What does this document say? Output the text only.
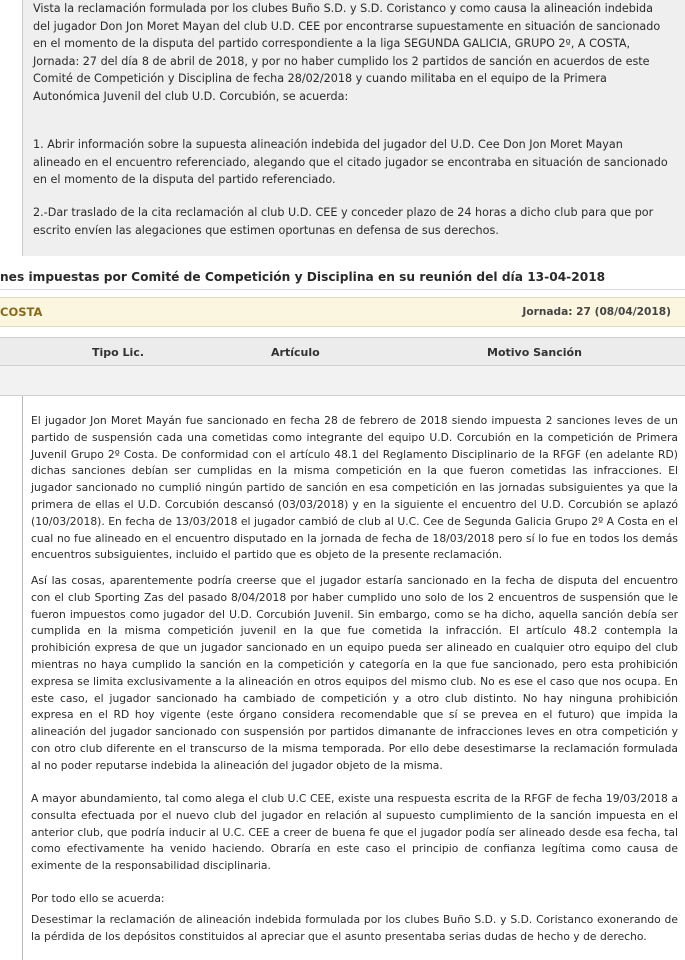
Vista la reclamación formulada por los clubes Buño S.D. y S.D. Coristanco y como causa la alineación indebida del jugador Don Jon Moret Mayan del club U.D. CEE por encontrarse supuestamente en situación de sancionado en el momento de la disputa del partido correspondiente a la liga SEGUNDA GALICIA, GRUPO 2º, A COSTA, Jornada: 27 del día 8 de abril de 2018, y por no haber cumplido los 2 partidos de sanción en acuerdos de este Comité de Competición y Disciplina de fecha 28/02/2018 y cuando militaba en el equipo de la Primera Autonómica Juvenil del club U.D. Corcubión, se acuerda:

1. Abrir información sobre la supuesta alineación indebida del jugador del U.D. Cee Don Jon Moret Mayan alineado en el encuentro referenciado, alegando que el citado jugador se encontraba en situación de sancionado en el momento de la disputa del partido referenciado.

2.-Dar traslado de la cita reclamación al club U.D. CEE y conceder plazo de 24 horas a dicho club para que por escrito envíen las alegaciones que estimen oportunas en defensa de sus derechos.

nes impuestas por Comité de Competición y Disciplina en su reunión del día 13-04-2018
COSTA	Jornada: 27 (08/04/2018)
Tipo Lic.	Artículo	Motivo Sanción

El jugador Jon Moret Mayán fue sancionado en fecha 28 de febrero de 2018 siendo impuesta 2 sanciones leves de un partido de suspensión cada una cometidas como integrante del equipo U.D. Corcubión en la competición de Primera Juvenil Grupo 2º Costa. De conformidad con el artículo 48.1 del Reglamento Disciplinario de la RFGF (en adelante RD) dichas sanciones debían ser cumplidas en la misma competición en la que fueron cometidas las infracciones. El jugador sancionado no cumplió ningún partido de sanción en esa competición en las jornadas subsiguientes ya que la primera de ellas el U.D. Corcubión descansó (03/03/2018) y en la siguiente el encuentro del U.D. Corcubión se aplazó (10/03/2018). En fecha de 13/03/2018 el jugador cambió de club al U.C. Cee de Segunda Galicia Grupo 2º A Costa en el cual no fue alineado en el encuentro disputado en la jornada de fecha de 18/03/2018 pero sí lo fue en todos los demás encuentros subsiguientes, incluido el partido que es objeto de la presente reclamación.

Así las cosas, aparentemente podría creerse que el jugador estaría sancionado en la fecha de disputa del encuentro con el club Sporting Zas del pasado 8/04/2018 por haber cumplido uno solo de los 2 encuentros de suspensión que le fueron impuestos como jugador del U.D. Corcubión Juvenil. Sin embargo, como se ha dicho, aquella sanción debía ser cumplida en la misma competición juvenil en la que fue cometida la infracción. El artículo 48.2 contempla la prohibición expresa de que un jugador sancionado en un equipo pueda ser alineado en cualquier otro equipo del club mientras no haya cumplido la sanción en la competición y categoría en la que fue sancionado, pero esta prohibición expresa se limita exclusivamente a la alineación en otros equipos del mismo club. No es ese el caso que nos ocupa. En este caso, el jugador sancionado ha cambiado de competición y a otro club distinto. No hay ninguna prohibición expresa en el RD hoy vigente (este órgano considera recomendable que sí se prevea en el futuro) que impida la alineación del jugador sancionado con suspensión por partidos dimanante de infracciones leves en otra competición y con otro club diferente en el transcurso de la misma temporada. Por ello debe desestimarse la reclamación formulada al no poder reputarse indebida la alineación del jugador objeto de la misma.

A mayor abundamiento, tal como alega el club U.C CEE, existe una respuesta escrita de la RFGF de fecha 19/03/2018 a consulta efectuada por el nuevo club del jugador en relación al supuesto cumplimiento de la sanción impuesta en el anterior club, que podría inducir al U.C. CEE a creer de buena fe que el jugador podía ser alineado desde esa fecha, tal como efectivamente ha venido haciendo. Obraría en este caso el principio de confianza legítima como causa de eximente de la responsabilidad disciplinaria.

Por todo ello se acuerda:

Desestimar la reclamación de alineación indebida formulada por los clubes Buño S.D. y S.D. Coristanco exonerando de la pérdida de los depósitos constituidos al apreciar que el asunto presentaba serias dudas de hecho y de derecho.
